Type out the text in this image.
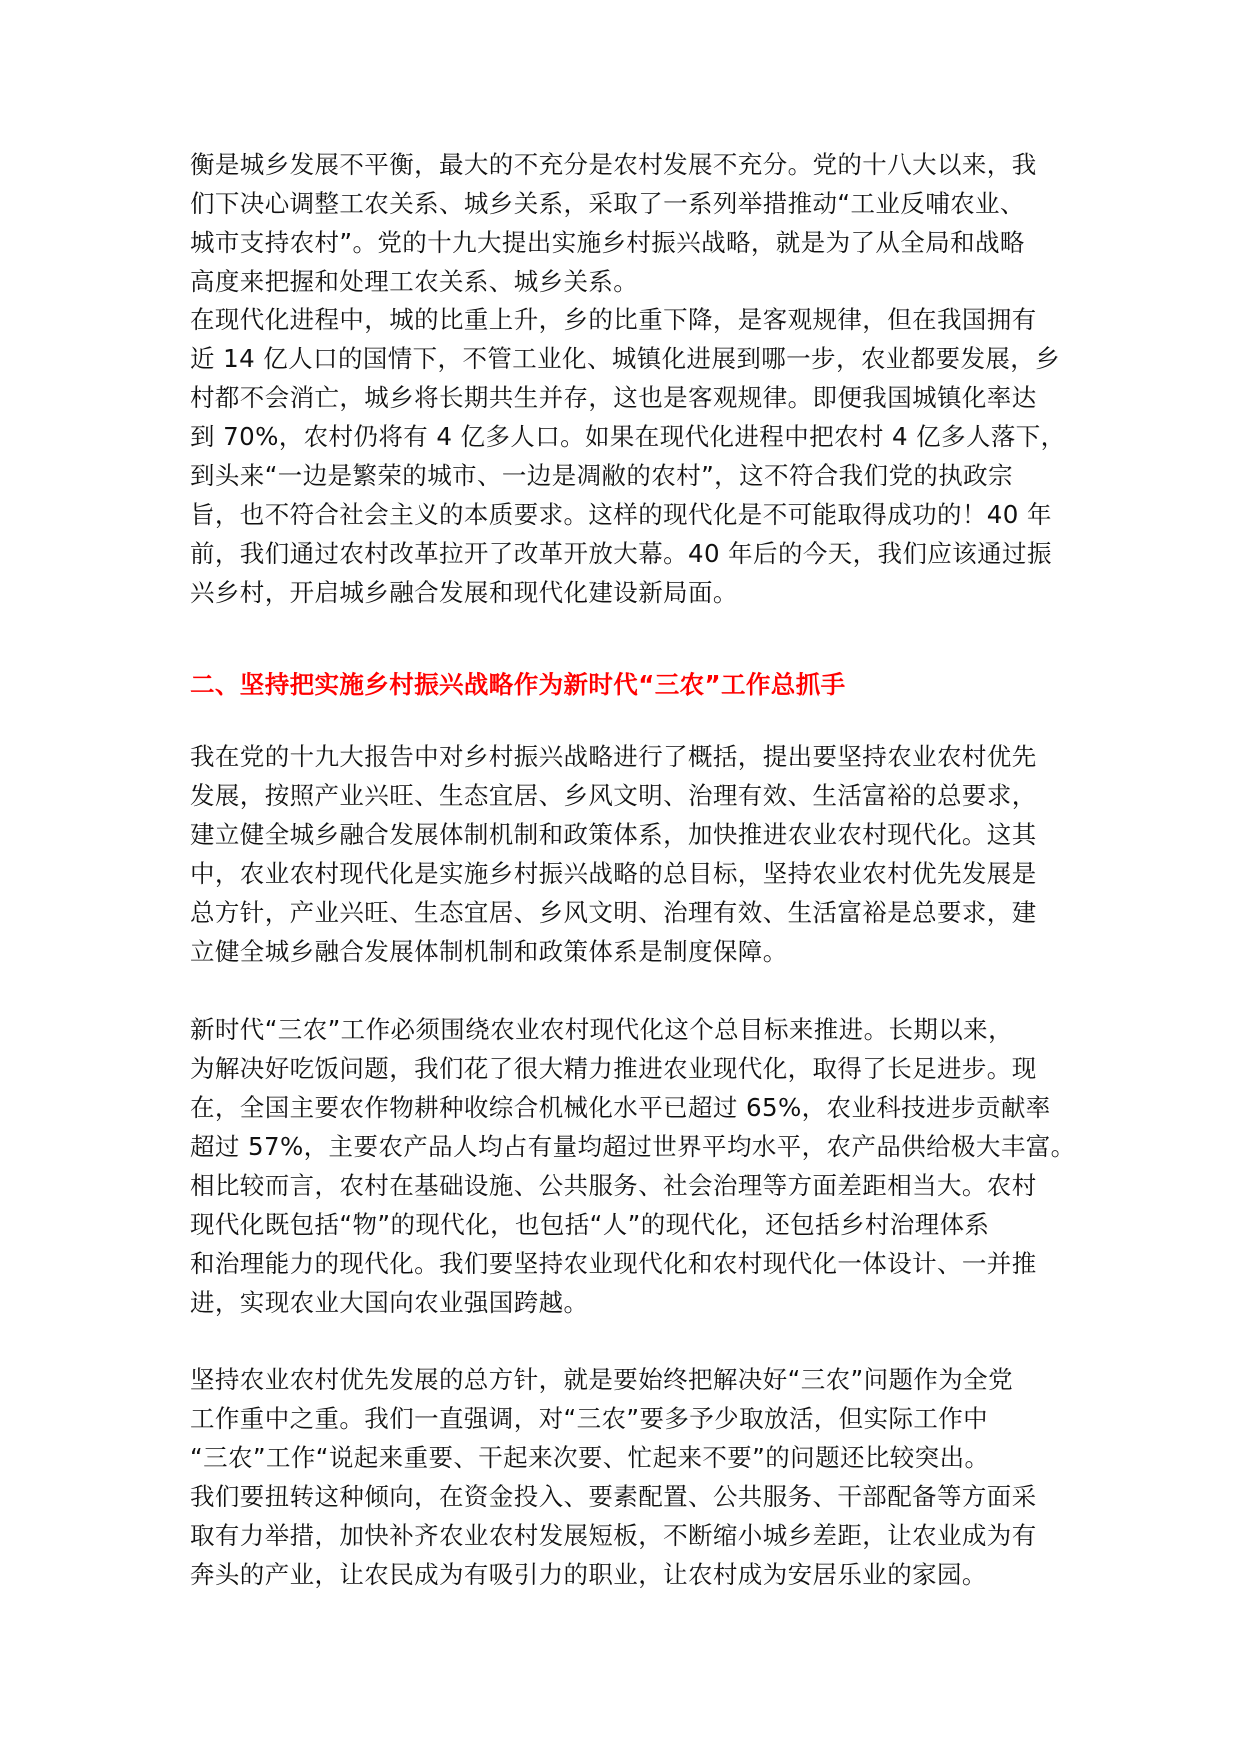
衡是城乡发展不平衡，最大的不充分是农村发展不充分。党的十八大以来，我
们下决心调整工农关系、城乡关系，采取了一系列举措推动“工业反哺农业、
城市支持农村”。党的十九大提出实施乡村振兴战略，就是为了从全局和战略
高度来把握和处理工农关系、城乡关系。
在现代化进程中，城的比重上升，乡的比重下降，是客观规律，但在我国拥有
近 14 亿人口的国情下，不管工业化、城镇化进展到哪一步，农业都要发展，乡
村都不会消亡，城乡将长期共生并存，这也是客观规律。即便我国城镇化率达
到 70%，农村仍将有 4 亿多人口。如果在现代化进程中把农村 4 亿多人落下，
到头来“一边是繁荣的城市、一边是凋敝的农村”，这不符合我们党的执政宗
旨，也不符合社会主义的本质要求。这样的现代化是不可能取得成功的！40 年
前，我们通过农村改革拉开了改革开放大幕。40 年后的今天，我们应该通过振
兴乡村，开启城乡融合发展和现代化建设新局面。
二、坚持把实施乡村振兴战略作为新时代“三农”工作总抓手
我在党的十九大报告中对乡村振兴战略进行了概括，提出要坚持农业农村优先
发展，按照产业兴旺、生态宜居、乡风文明、治理有效、生活富裕的总要求，
建立健全城乡融合发展体制机制和政策体系，加快推进农业农村现代化。这其
中，农业农村现代化是实施乡村振兴战略的总目标，坚持农业农村优先发展是
总方针，产业兴旺、生态宜居、乡风文明、治理有效、生活富裕是总要求，建
立健全城乡融合发展体制机制和政策体系是制度保障。
新时代“三农”工作必须围绕农业农村现代化这个总目标来推进。长期以来，
为解决好吃饭问题，我们花了很大精力推进农业现代化，取得了长足进步。现
在，全国主要农作物耕种收综合机械化水平已超过 65%，农业科技进步贡献率
超过 57%，主要农产品人均占有量均超过世界平均水平，农产品供给极大丰富。
相比较而言，农村在基础设施、公共服务、社会治理等方面差距相当大。农村
现代化既包括“物”的现代化，也包括“人”的现代化，还包括乡村治理体系
和治理能力的现代化。我们要坚持农业现代化和农村现代化一体设计、一并推
进，实现农业大国向农业强国跨越。
坚持农业农村优先发展的总方针，就是要始终把解决好“三农”问题作为全党
工作重中之重。我们一直强调，对“三农”要多予少取放活，但实际工作中
“三农”工作“说起来重要、干起来次要、忙起来不要”的问题还比较突出。
我们要扭转这种倾向，在资金投入、要素配置、公共服务、干部配备等方面采
取有力举措，加快补齐农业农村发展短板，不断缩小城乡差距，让农业成为有
奔头的产业，让农民成为有吸引力的职业，让农村成为安居乐业的家园。
